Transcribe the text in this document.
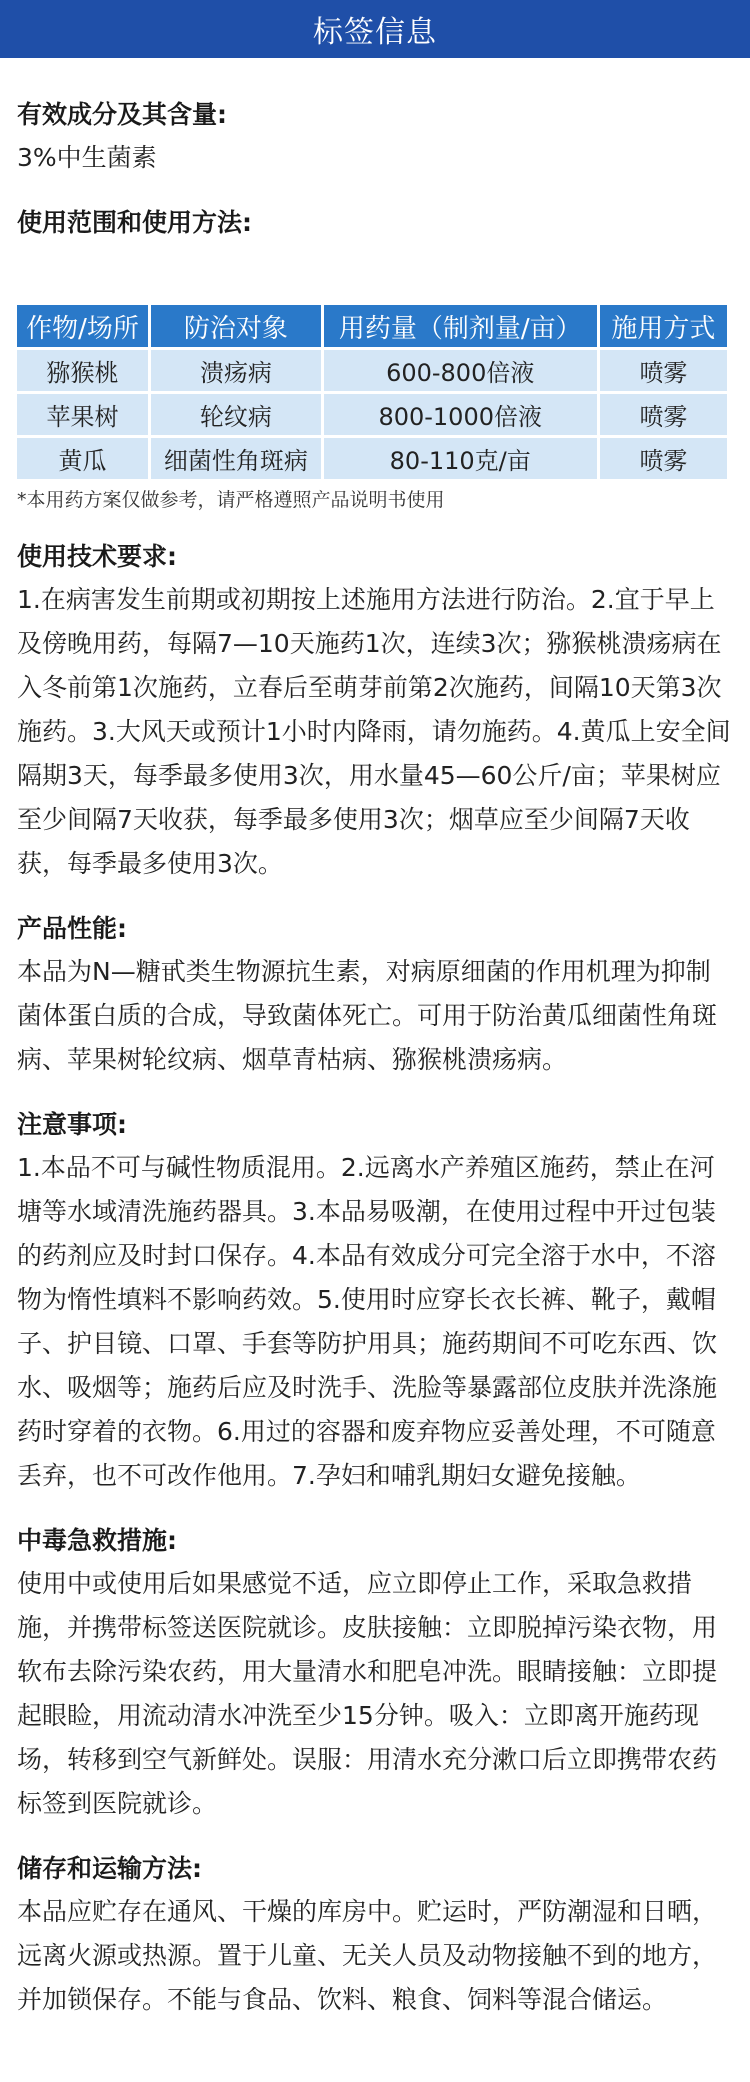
标签信息
有效成分及其含量:
3%中生菌素
使用范围和使用方法:
作物/场所	防治对象	用药量（制剂量/亩）	施用方式
猕猴桃	溃疡病	600-800倍液	喷雾
苹果树	轮纹病	800-1000倍液	喷雾
黄瓜	细菌性角斑病	80-110克/亩	喷雾
*本用药方案仅做参考，请严格遵照产品说明书使用
使用技术要求:
1.在病害发生前期或初期按上述施用方法进行防治。2.宜于早上及傍晚用药，每隔7—10天施药1次，连续3次；猕猴桃溃疡病在入冬前第1次施药，立春后至萌芽前第2次施药，间隔10天第3次施药。3.大风天或预计1小时内降雨，请勿施药。4.黄瓜上安全间隔期3天，每季最多使用3次，用水量45—60公斤/亩；苹果树应至少间隔7天收获，每季最多使用3次；烟草应至少间隔7天收获，每季最多使用3次。
产品性能:
本品为N—糖甙类生物源抗生素，对病原细菌的作用机理为抑制菌体蛋白质的合成，导致菌体死亡。可用于防治黄瓜细菌性角斑病、苹果树轮纹病、烟草青枯病、猕猴桃溃疡病。
注意事项:
1.本品不可与碱性物质混用。2.远离水产养殖区施药，禁止在河塘等水域清洗施药器具。3.本品易吸潮，在使用过程中开过包装的药剂应及时封口保存。4.本品有效成分可完全溶于水中，不溶物为惰性填料不影响药效。5.使用时应穿长衣长裤、靴子，戴帽子、护目镜、口罩、手套等防护用具；施药期间不可吃东西、饮水、吸烟等；施药后应及时洗手、洗脸等暴露部位皮肤并洗涤施药时穿着的衣物。6.用过的容器和废弃物应妥善处理，不可随意丢弃，也不可改作他用。7.孕妇和哺乳期妇女避免接触。
中毒急救措施:
使用中或使用后如果感觉不适，应立即停止工作，采取急救措施，并携带标签送医院就诊。皮肤接触：立即脱掉污染衣物，用软布去除污染农药，用大量清水和肥皂冲洗。眼睛接触：立即提起眼睑，用流动清水冲洗至少15分钟。吸入：立即离开施药现场，转移到空气新鲜处。误服：用清水充分漱口后立即携带农药标签到医院就诊。
储存和运输方法:
本品应贮存在通风、干燥的库房中。贮运时，严防潮湿和日晒，远离火源或热源。置于儿童、无关人员及动物接触不到的地方，并加锁保存。不能与食品、饮料、粮食、饲料等混合储运。
